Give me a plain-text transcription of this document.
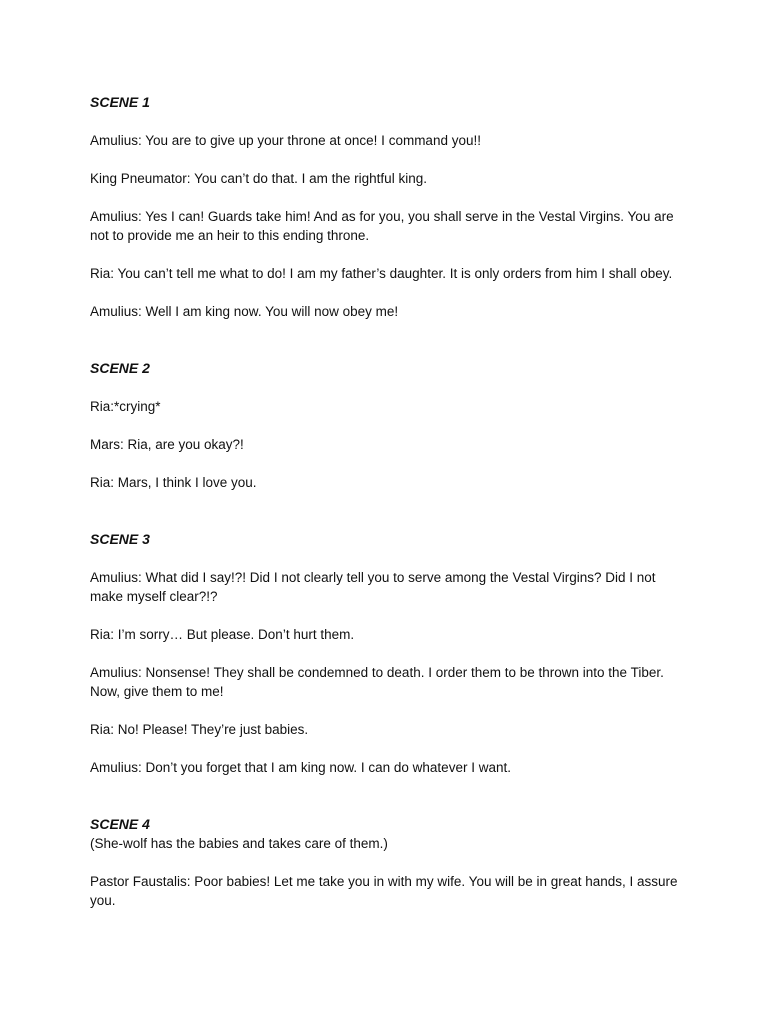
SCENE 1

Amulius: You are to give up your throne at once! I command you!!

King Pneumator: You can’t do that. I am the rightful king.

Amulius: Yes I can! Guards take him! And as for you, you shall serve in the Vestal Virgins. You are not to provide me an heir to this ending throne.

Ria: You can’t tell me what to do! I am my father’s daughter. It is only orders from him I shall obey.

Amulius: Well I am king now. You will now obey me!

SCENE 2

Ria:*crying*

Mars: Ria, are you okay?!

Ria: Mars, I think I love you.

SCENE 3

Amulius: What did I say!?! Did I not clearly tell you to serve among the Vestal Virgins? Did I not make myself clear?!?

Ria: I’m sorry… But please. Don’t hurt them.

Amulius: Nonsense! They shall be condemned to death. I order them to be thrown into the Tiber. Now, give them to me!

Ria: No! Please! They’re just babies.

Amulius: Don’t you forget that I am king now. I can do whatever I want.

SCENE 4

(She-wolf has the babies and takes care of them.)

Pastor Faustalis: Poor babies! Let me take you in with my wife. You will be in great hands, I assure you.
